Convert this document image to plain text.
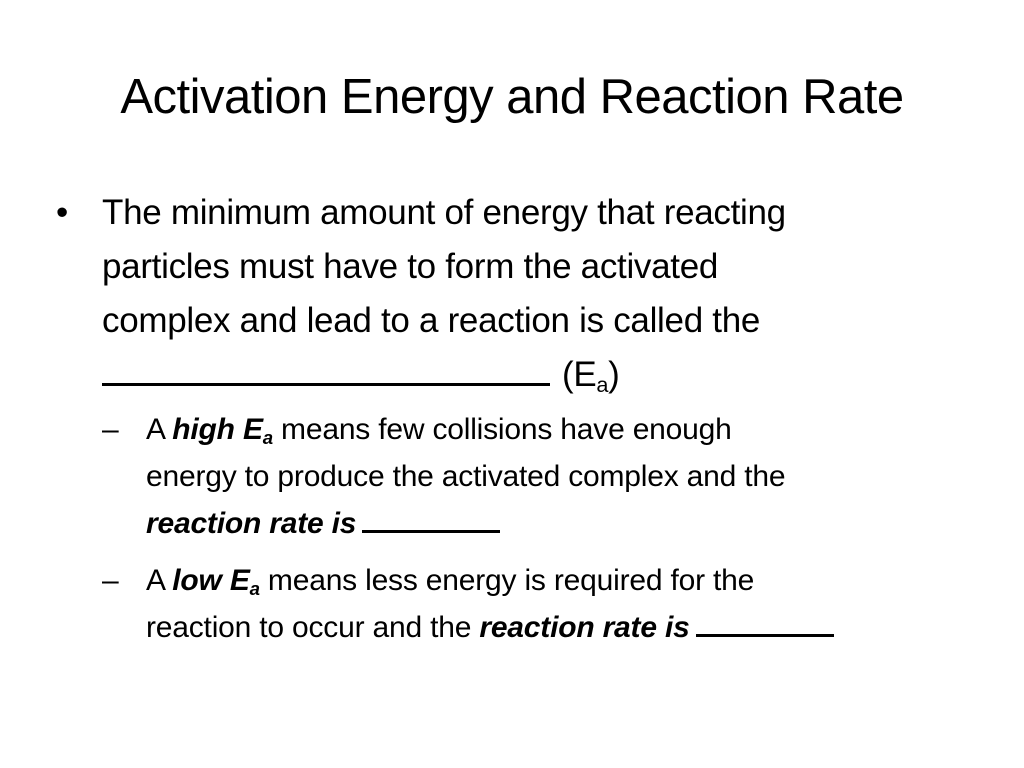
Activation Energy and Reaction Rate
• The minimum amount of energy that reacting
particles must have to form the activated
complex and lead to a reaction is called the
$(E_a)$
– A high $E_a$ means few collisions have enough
energy to produce the activated complex and the
reaction rate is
– A low $E_a$ means less energy is required for the
reaction to occur and the reaction rate is
